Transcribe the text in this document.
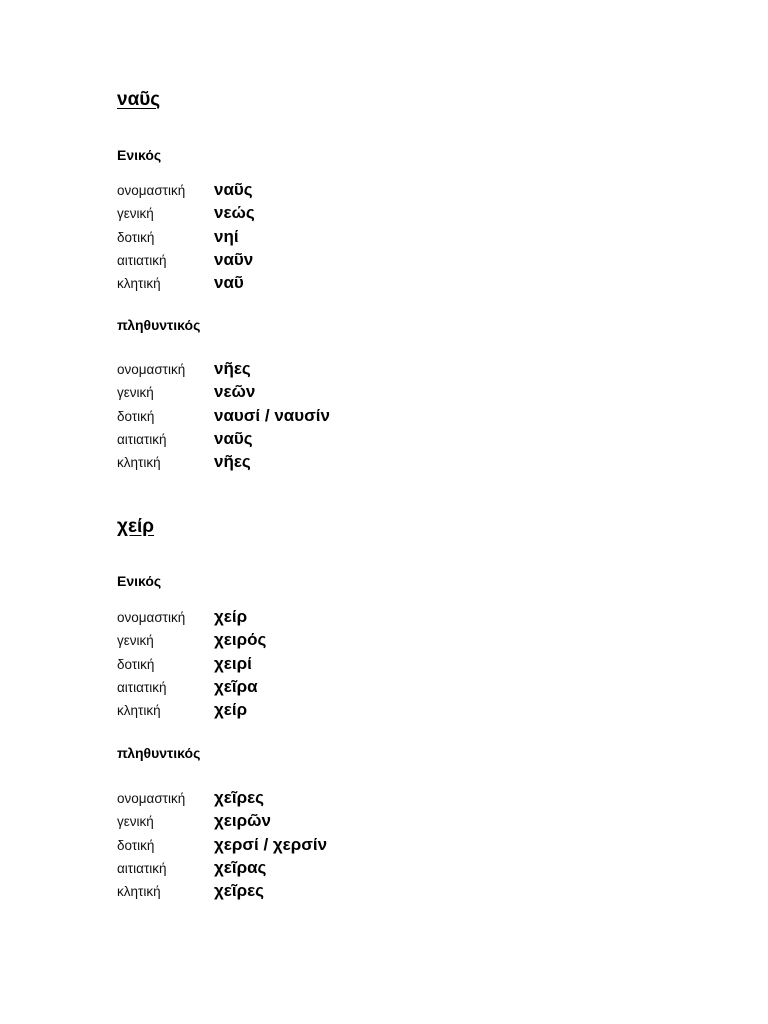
ναῦς
Ενικός
ονομαστική	ναῦς
γενική	νεώς
δοτική	νηί
αιτιατική	ναῦν
κλητική	ναῦ
πληθυντικός
ονομαστική	νῆες
γενική	νεῶν
δοτική	ναυσί / ναυσίν
αιτιατική	ναῦς
κλητική	νῆες
χείρ
Ενικός
ονομαστική	χείρ
γενική	χειρός
δοτική	χειρί
αιτιατική	χεῖρα
κλητική	χείρ
πληθυντικός
ονομαστική	χεῖρες
γενική	χειρῶν
δοτική	χερσί / χερσίν
αιτιατική	χεῖρας
κλητική	χεῖρες
